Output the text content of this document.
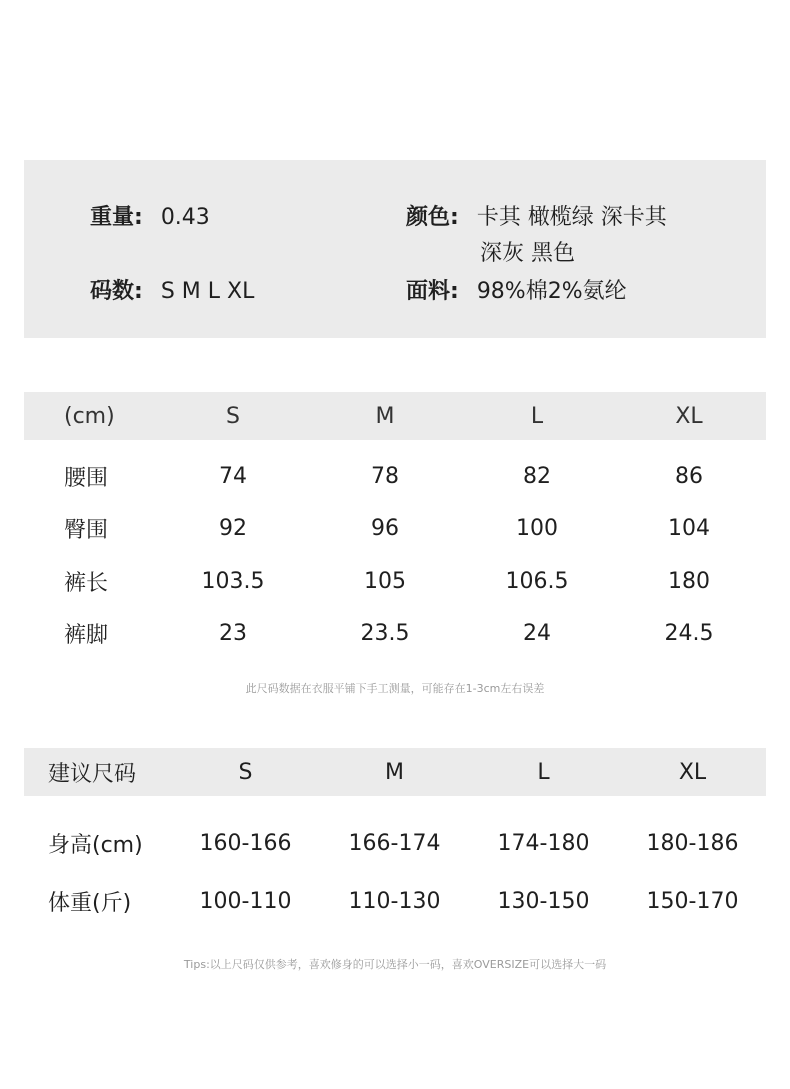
重量: 0.43
码数: S M L XL
颜色: 卡其 橄榄绿 深卡其
深灰 黑色
面料: 98%棉2%氨纶
(cm)	S	M	L	XL
腰围	74	78	82	86
臀围	92	96	100	104
裤长	103.5	105	106.5	180
裤脚	23	23.5	24	24.5
此尺码数据在衣服平铺下手工测量，可能存在1-3cm左右误差
建议尺码	S	M	L	XL
身高(cm)	160-166	166-174	174-180	180-186
体重(斤)	100-110	110-130	130-150	150-170
Tips:以上尺码仅供参考，喜欢修身的可以选择小一码，喜欢OVERSIZE可以选择大一码
